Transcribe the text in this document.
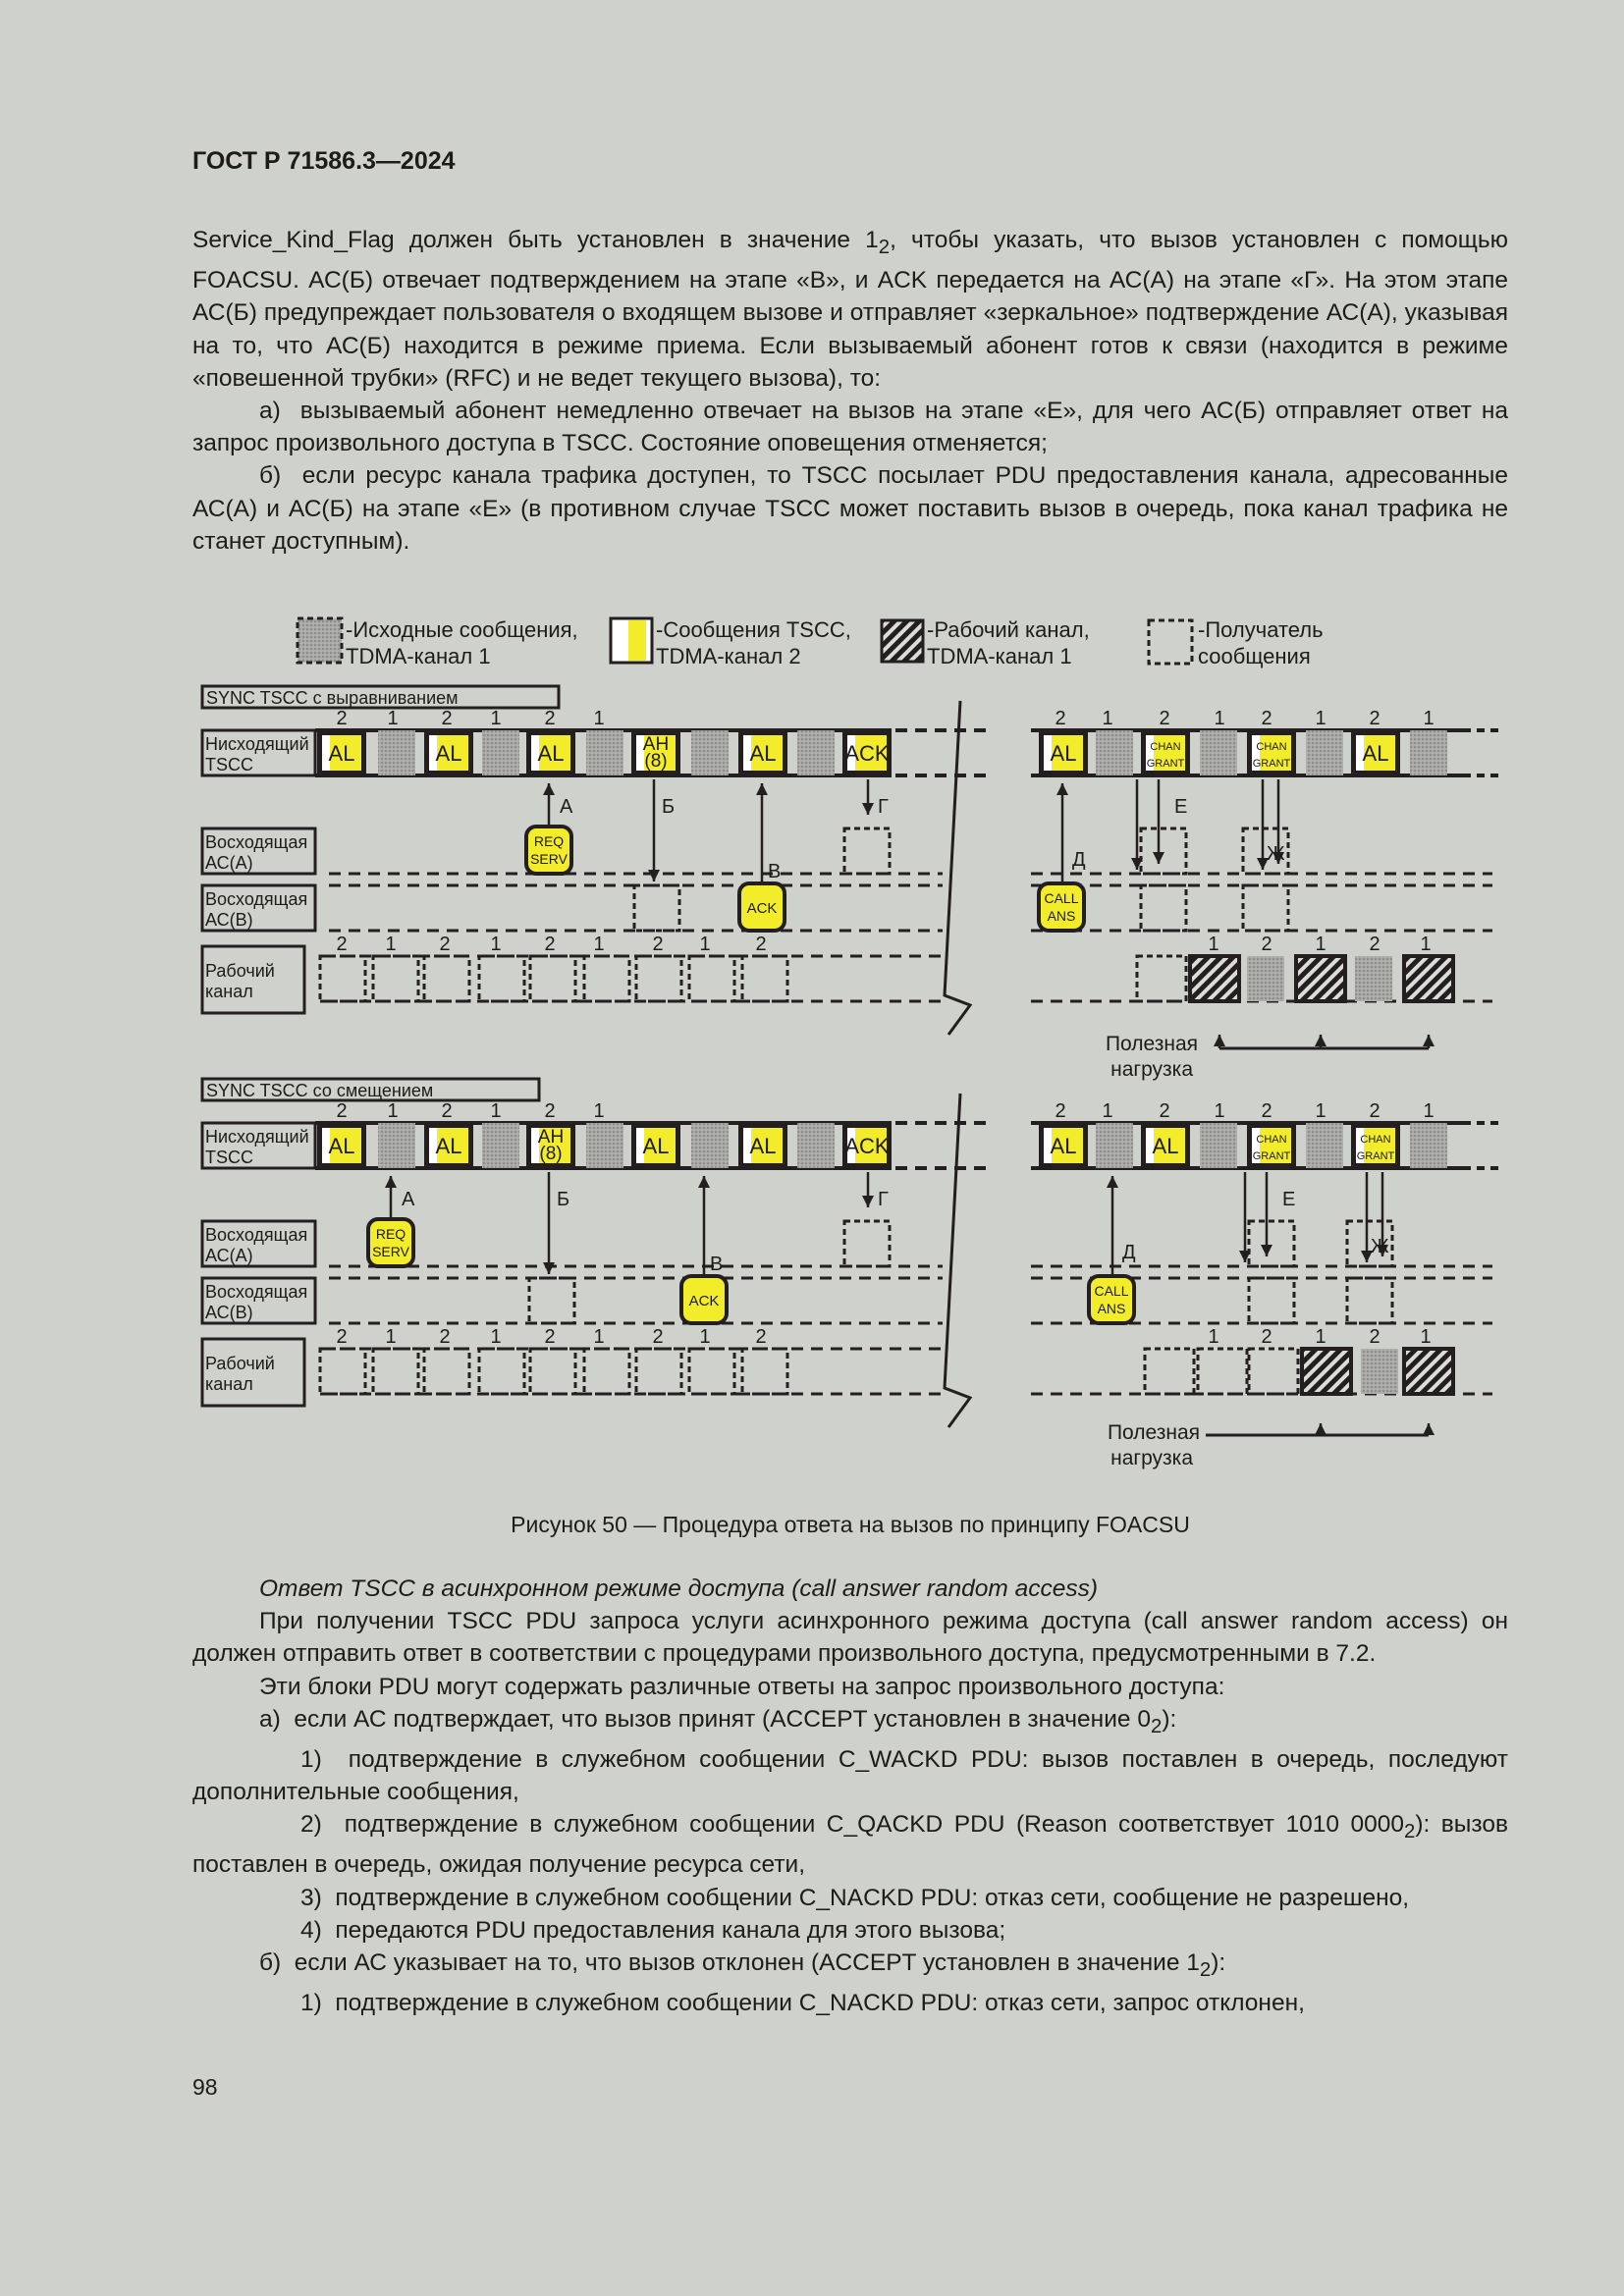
ГОСТ Р 71586.3—2024

Service_Kind_Flag должен быть установлен в значение $1_2$, чтобы указать, что вызов установлен с помощью FOACSU. АС(Б) отвечает подтверждением на этапе «В», и ACK передается на АС(А) на этапе «Г». На этом этапе АС(Б) предупреждает пользователя о входящем вызове и отправляет «зеркальное» подтверждение АС(А), указывая на то, что АС(Б) находится в режиме приема. Если вызываемый абонент готов к связи (находится в режиме «повешенной трубки» (RFC) и не ведет текущего вызова), то:

а)  вызываемый абонент немедленно отвечает на вызов на этапе «Е», для чего АС(Б) отправляет ответ на запрос произвольного доступа в TSCC. Состояние оповещения отменяется;

б)  если ресурс канала трафика доступен, то TSCC посылает PDU предоставления канала, адресованные АС(А) и АС(Б) на этапе «Е» (в противном случае TSCC может поставить вызов в очередь, пока канал трафика не станет доступным).

-Исходные сообщения,
TDMA-канал 1
-Сообщения TSCC,
TDMA-канал 2
-Рабочий канал,
TDMA-канал 1
-Получатель
сообщения
SYNC TSCC с выравниванием
Нисходящий
TSCC	AL	AL	AL	AH
(8)	AL	ACK	AL	CHAN
GRANT
CHAN
GRANT	AL
2 1 2 1 2 1	2 1 2 1 2 1 2 1
Восходящая
АС(А)
Восходящая
АС(В)
REQ
SERV
А	Б
ACK
В
Г
CALL
ANS
Д
Е
Ж
Рабочий
канал
2 1 2 1 2 1 2 1 2	1 2 1 2 1
Полезная
нагрузка
SYNC TSCC со смещением
Нисходящий
TSCC	AL	AL	AH
(8)	AL	AL	ACK	AL	AL	CHAN
GRANT
CHAN
GRANT
2 1 2 1 2 1	2 1 2 1 2 1 2 1
Восходящая
АС(А)
Восходящая
АС(В)
REQ
SERV
А	Б
ACK
В
Г
CALL
ANS
Д
Е
Ж
Рабочий
канал
2 1 2 1 2 1 2 1 2	1 2 1 2 1
Полезная
нагрузка
Рисунок 50 — Процедура ответа на вызов по принципу FOACSU

Ответ TSCC в асинхронном режиме доступа (call answer random access)

При получении TSCC PDU запроса услуги асинхронного режима доступа (call answer random access) он должен отправить ответ в соответствии с процедурами произвольного доступа, предусмотренными в 7.2.

Эти блоки PDU могут содержать различные ответы на запрос произвольного доступа:

а)  если АС подтверждает, что вызов принят (ACCEPT установлен в значение $0_2$):

1)  подтверждение в служебном сообщении C_WACKD PDU: вызов поставлен в очередь, последуют дополнительные сообщения,

2)  подтверждение в служебном сообщении C_QACKD PDU (Reason соответствует 1010 $0000_2$): вызов поставлен в очередь, ожидая получение ресурса сети,

3)  подтверждение в служебном сообщении C_NACKD PDU: отказ сети, сообщение не разрешено,

4)  передаются PDU предоставления канала для этого вызова;

б)  если АС указывает на то, что вызов отклонен (ACCEPT установлен в значение $1_2$):

1)  подтверждение в служебном сообщении C_NACKD PDU: отказ сети, запрос отклонен,

98
